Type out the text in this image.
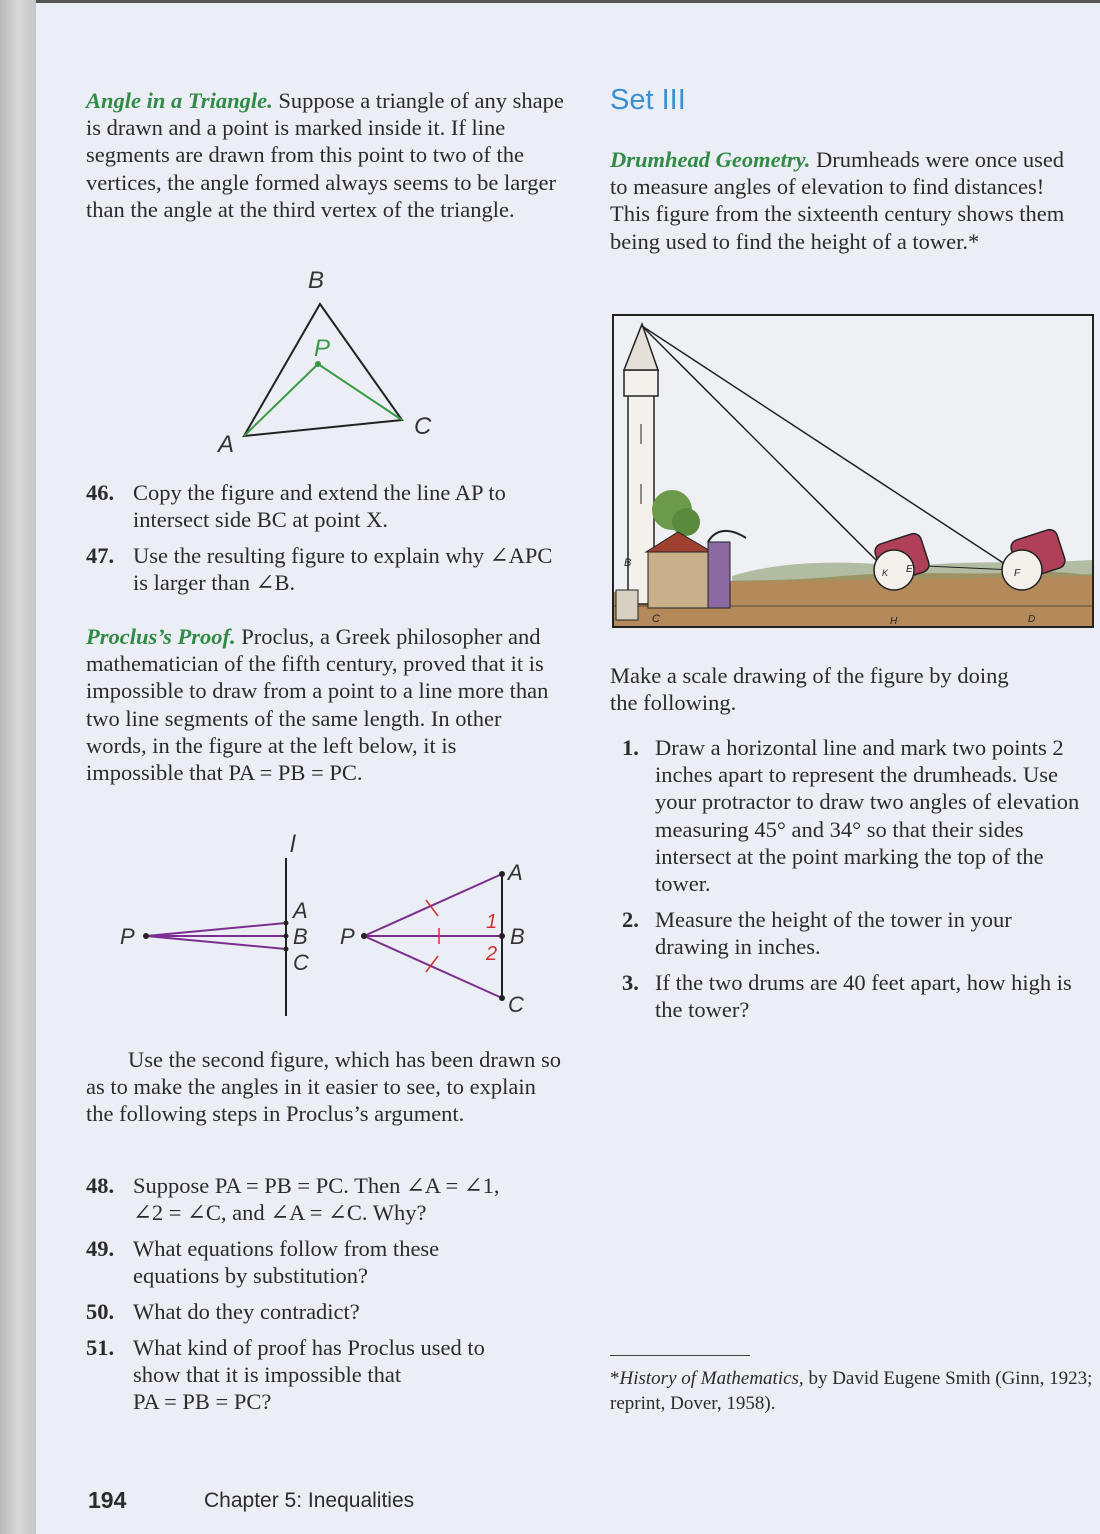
Angle in a Triangle. Suppose a triangle of any shape is drawn and a point is marked inside it. If line segments are drawn from this point to two of the vertices, the angle formed always seems to be larger than the angle at the third vertex of the triangle.

B
P
C
A
46. Copy the figure and extend the line AP to intersect side BC at point X.
47. Use the resulting figure to explain why ∠APC is larger than ∠B.

Proclus’s Proof. Proclus, a Greek philosopher and mathematician of the fifth century, proved that it is impossible to draw from a point to a line more than two line segments of the same length. In other words, in the figure at the left below, it is impossible that PA = PB = PC.

l
P
A
B
C
P
A
B
C
1
2
Use the second figure, which has been drawn so as to make the angles in it easier to see, to explain the following steps in Proclus’s argument.
48. Suppose PA = PB = PC. Then ∠A = ∠1,
∠2 = ∠C, and ∠A = ∠C. Why?
49. What equations follow from these equations by substitution?
50. What do they contradict?
51. What kind of proof has Proclus used to
show that it is impossible that
PA = PB = PC?
Set III

Drumhead Geometry. Drumheads were once used to measure angles of elevation to find distances! This figure from the sixteenth century shows them being used to find the height of a tower.*

B
C
E
K	F
H	D
Make a scale drawing of the figure by doing the following.
1. Draw a horizontal line and mark two points 2 inches apart to represent the drumheads. Use your protractor to draw two angles of elevation measuring 45° and 34° so that their sides intersect at the point marking the top of the tower.
2. Measure the height of the tower in your drawing in inches.
3. If the two drums are 40 feet apart, how high is the tower?
*History of Mathematics, by David Eugene Smith (Ginn, 1923; reprint, Dover, 1958).
194	Chapter 5: Inequalities
